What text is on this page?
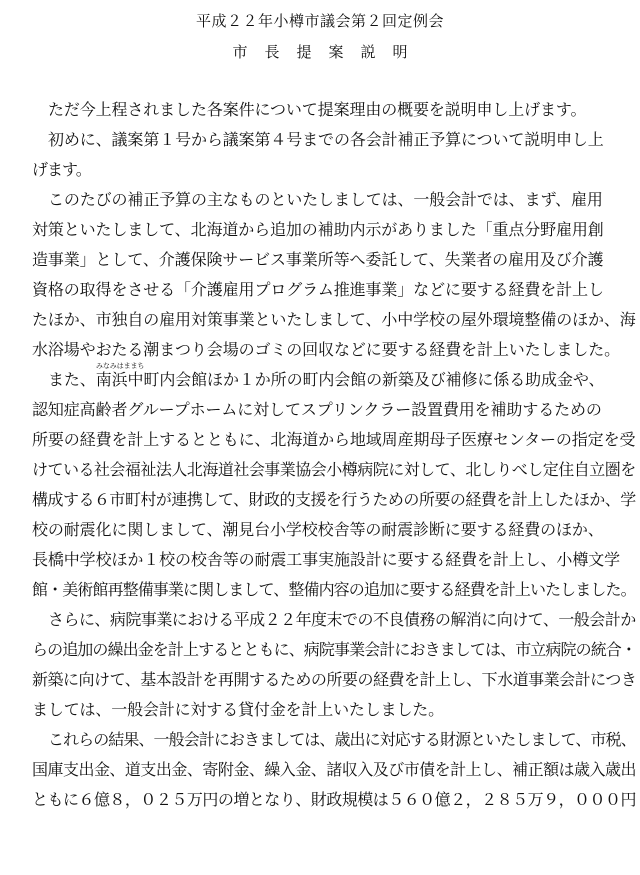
平成２２年小樽市議会第２回定例会
市長提案説明
ただ今上程されました各案件について提案理由の概要を説明申し上げます。
初めに、議案第１号から議案第４号までの各会計補正予算について説明申し上
げます。
このたびの補正予算の主なものといたしましては、一般会計では、まず、雇用
対策といたしまして、北海道から追加の補助内示がありました「重点分野雇用創
造事業」として、介護保険サービス事業所等へ委託して、失業者の雇用及び介護
資格の取得をさせる「介護雇用プログラム推進事業」などに要する経費を計上し
たほか、市独自の雇用対策事業といたしまして、小中学校の屋外環境整備のほか、海
水浴場やおたる潮まつり会場のゴミの回収などに要する経費を計上いたしました。
また、南浜中町内会館ほか１か所の町内会館の新築及び補修に係る助成金や、
みなみはままち
認知症高齢者グループホームに対してスプリンクラー設置費用を補助するための
所要の経費を計上するとともに、北海道から地域周産期母子医療センターの指定を受
けている社会福祉法人北海道社会事業協会小樽病院に対して、北しりべし定住自立圏を
構成する６市町村が連携して、財政的支援を行うための所要の経費を計上したほか、学
校の耐震化に関しまして、潮見台小学校校舎等の耐震診断に要する経費のほか、
長橋中学校ほか１校の校舎等の耐震工事実施設計に要する経費を計上し、小樽文学
館・美術館再整備事業に関しまして、整備内容の追加に要する経費を計上いたしました。
さらに、病院事業における平成２２年度末での不良債務の解消に向けて、一般会計か
らの追加の繰出金を計上するとともに、病院事業会計におきましては、市立病院の統合・
新築に向けて、基本設計を再開するための所要の経費を計上し、下水道事業会計につき
ましては、一般会計に対する貸付金を計上いたしました。
これらの結果、一般会計におきましては、歳出に対応する財源といたしまして、市税、
国庫支出金、道支出金、寄附金、繰入金、諸収入及び市債を計上し、補正額は歳入歳出
ともに６億８，０２５万円の増となり、財政規模は５６０億２，２８５万９，０００円
